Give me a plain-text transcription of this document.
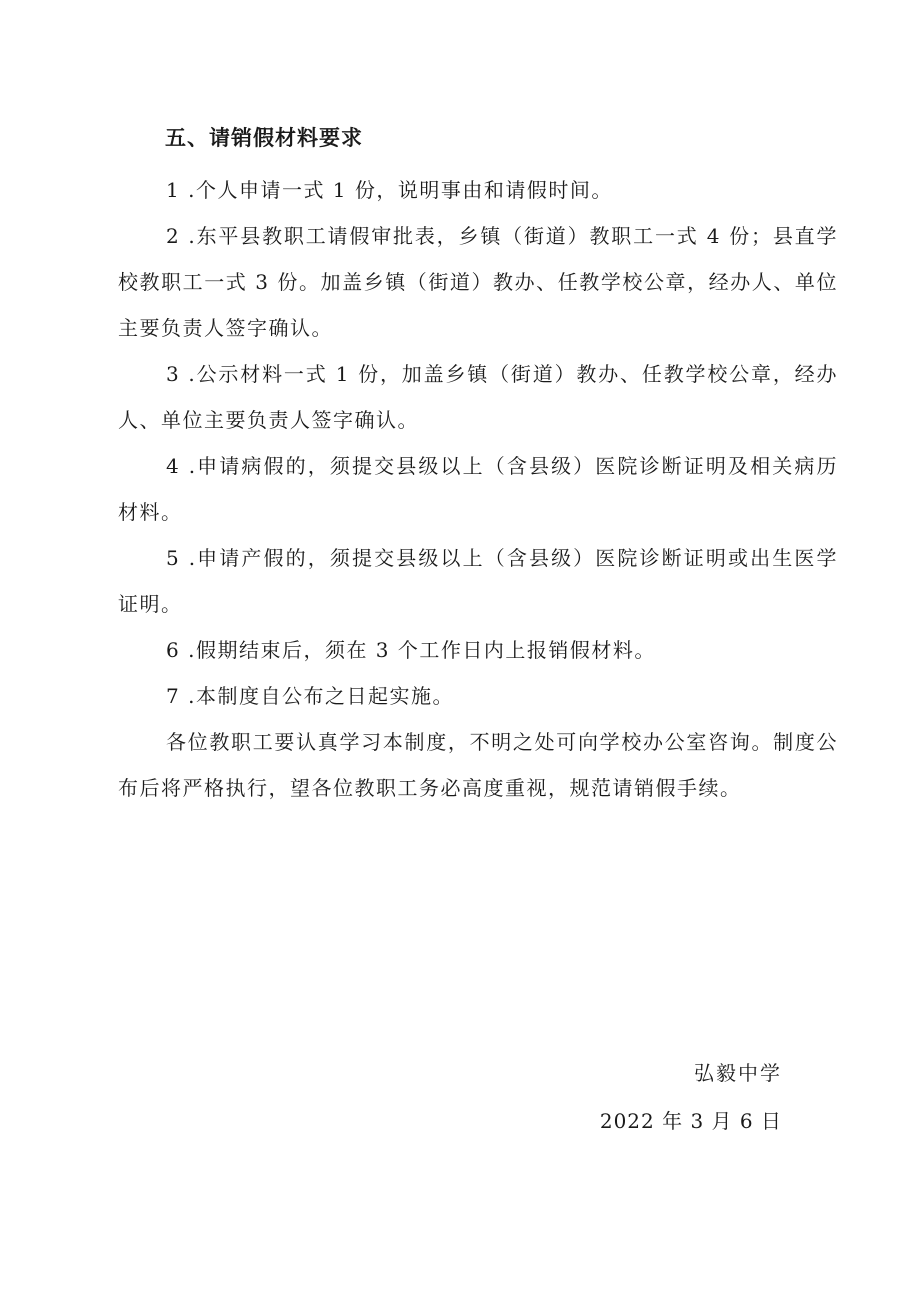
五、请销假材料要求

1 .个人申请一式 1 份，说明事由和请假时间。

2 .东平县教职工请假审批表，乡镇（街道）教职工一式 4 份；县直学校教职工一式 3 份。加盖乡镇（街道）教办、任教学校公章，经办人、单位主要负责人签字确认。

3 .公示材料一式 1 份，加盖乡镇（街道）教办、任教学校公章，经办人、单位主要负责人签字确认。

4 .申请病假的，须提交县级以上（含县级）医院诊断证明及相关病历材料。

5 .申请产假的，须提交县级以上（含县级）医院诊断证明或出生医学证明。

6 .假期结束后，须在 3 个工作日内上报销假材料。

7 .本制度自公布之日起实施。

各位教职工要认真学习本制度，不明之处可向学校办公室咨询。制度公布后将严格执行，望各位教职工务必高度重视，规范请销假手续。

弘毅中学

2022 年 3 月 6 日
